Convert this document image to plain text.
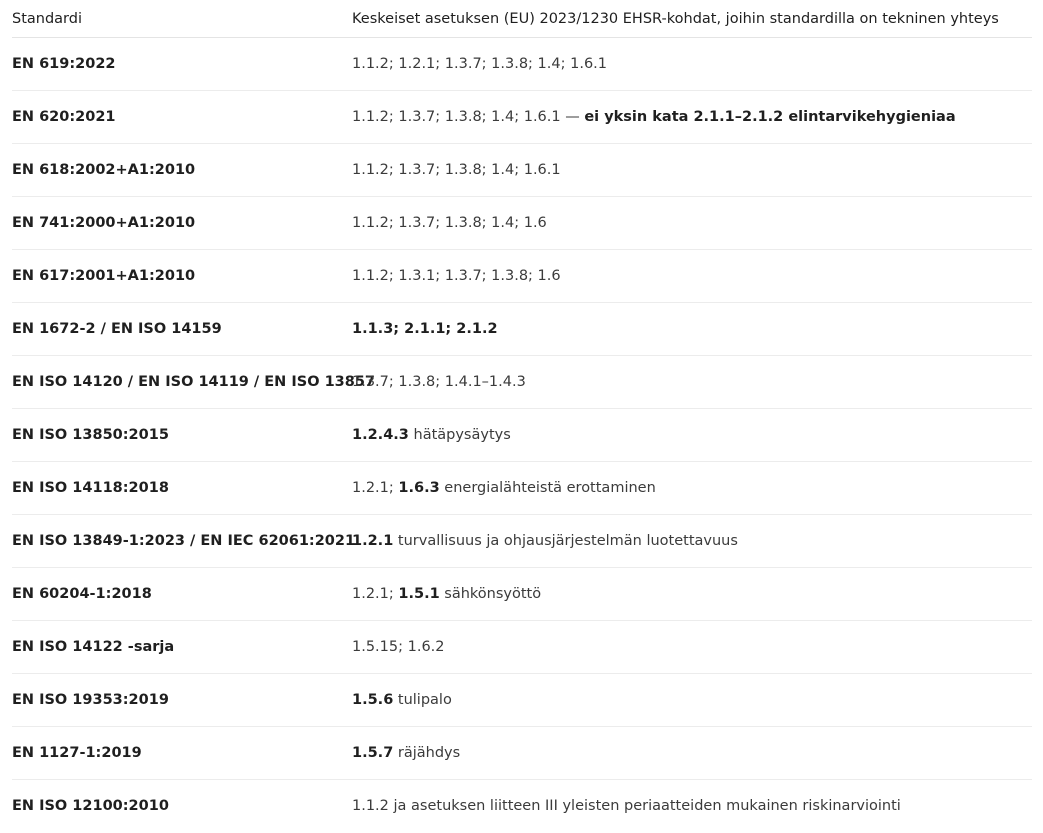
Standardi	Keskeiset asetuksen (EU) 2023/1230 EHSR-kohdat, joihin standardilla on tekninen yhteys
EN 619:2022	1.1.2; 1.2.1; 1.3.7; 1.3.8; 1.4; 1.6.1
EN 620:2021	1.1.2; 1.3.7; 1.3.8; 1.4; 1.6.1 — ei yksin kata 2.1.1–2.1.2 elintarvikehygieniaa
EN 618:2002+A1:2010	1.1.2; 1.3.7; 1.3.8; 1.4; 1.6.1
EN 741:2000+A1:2010	1.1.2; 1.3.7; 1.3.8; 1.4; 1.6
EN 617:2001+A1:2010	1.1.2; 1.3.1; 1.3.7; 1.3.8; 1.6
EN 1672-2 / EN ISO 14159	1.1.3; 2.1.1; 2.1.2
EN ISO 14120 / EN ISO 14119 / EN ISO 13857	1.3.7; 1.3.8; 1.4.1–1.4.3
EN ISO 13850:2015	1.2.4.3 hätäpysäytys
EN ISO 14118:2018	1.2.1; 1.6.3 energialähteistä erottaminen
EN ISO 13849-1:2023 / EN IEC 62061:2021	1.2.1 turvallisuus ja ohjausjärjestelmän luotettavuus
EN 60204-1:2018	1.2.1; 1.5.1 sähkönsyöttö
EN ISO 14122 -sarja	1.5.15; 1.6.2
EN ISO 19353:2019	1.5.6 tulipalo
EN 1127-1:2019	1.5.7 räjähdys
EN ISO 12100:2010	1.1.2 ja asetuksen liitteen III yleisten periaatteiden mukainen riskinarviointi
